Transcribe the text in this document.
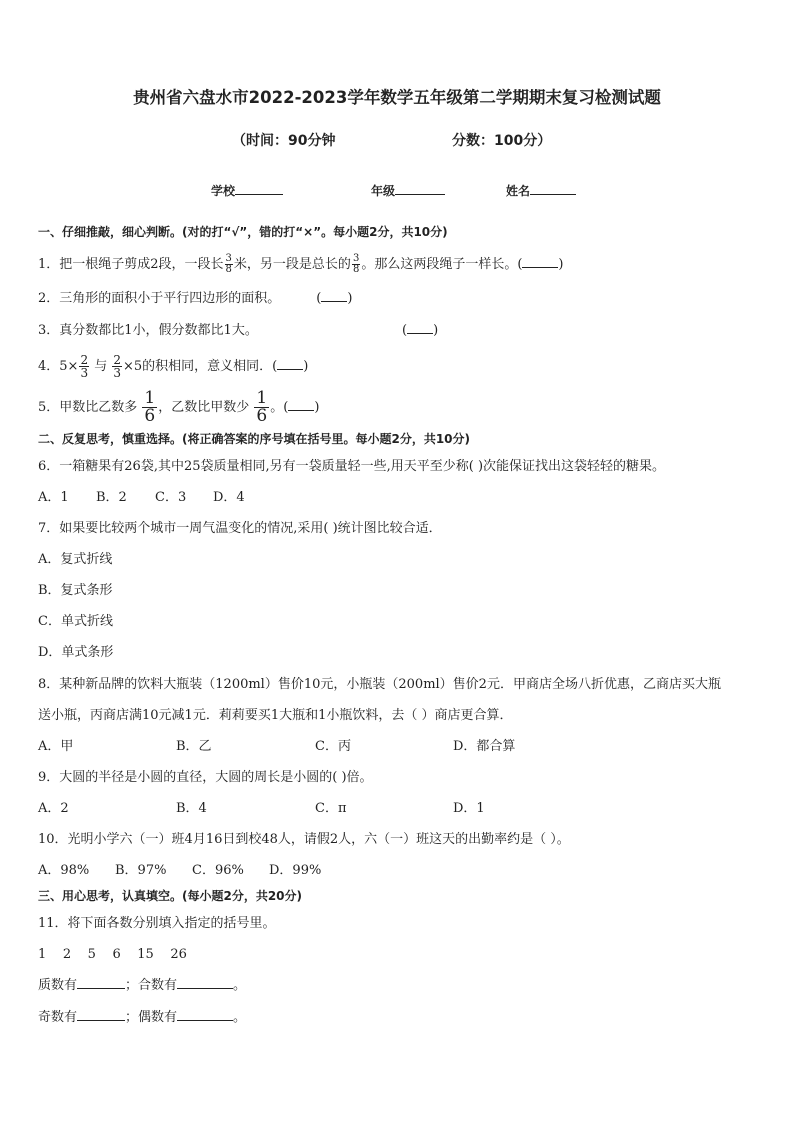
贵州省六盘水市2022-2023学年数学五年级第二学期期末复习检测试题
（时间：90分钟	分数：100分）
学校	年级	姓名
一、仔细推敲，细心判断。(对的打“√”，错的打“×”。每小题2分，共10分)
1．把一根绳子剪成2段，一段长 $\frac{3}{8}$ 米，另一段是总长的 $\frac{3}{8}$ 。那么这两段绳子一样长。(	)
2．三角形的面积小于平行四边形的面积。	( )
3．真分数都比1小，假分数都比1大。	( )
4．$5\times \frac{2}{3}$ 与 $\frac{2}{3} \times 5$的积相同，意义相同．( )
5．甲数比乙数多 $\frac{1}{6}$ ，乙数比甲数少 $\frac{1}{6}$ 。( )
二、反复思考，慎重选择。(将正确答案的序号填在括号里。每小题2分，共10分)
6．一箱糖果有26袋,其中25袋质量相同,另有一袋质量轻一些,用天平至少称( )次能保证找出这袋轻轻的糖果。
A．1 B．2 C．3 D．4
7．如果要比较两个城市一周气温变化的情况,采用( )统计图比较合适．
A．复式折线
B．复式条形
C．单式折线
D．单式条形
8．某种新品牌的饮料大瓶装（1200ml）售价10元，小瓶装（200ml）售价2元．甲商店全场八折优惠，乙商店买大瓶
送小瓶，丙商店满10元减1元．莉莉要买1大瓶和1小瓶饮料，去（ ）商店更合算．
A．甲	B．乙	C．丙	D．都合算
9．大圆的半径是小圆的直径，大圆的周长是小圆的( )倍。
A．2	B．4	C．π	D．1
10．光明小学六（一）班4月16日到校48人，请假2人，六（一）班这天的出勤率约是（ ）。
A．98% B．97% C．96% D．99%
三、用心思考，认真填空。(每小题2分，共20分)
11．将下面各数分别填入指定的括号里。
1 2 5 6 15 26
质数有	；合数有	。
奇数有	；偶数有	。
